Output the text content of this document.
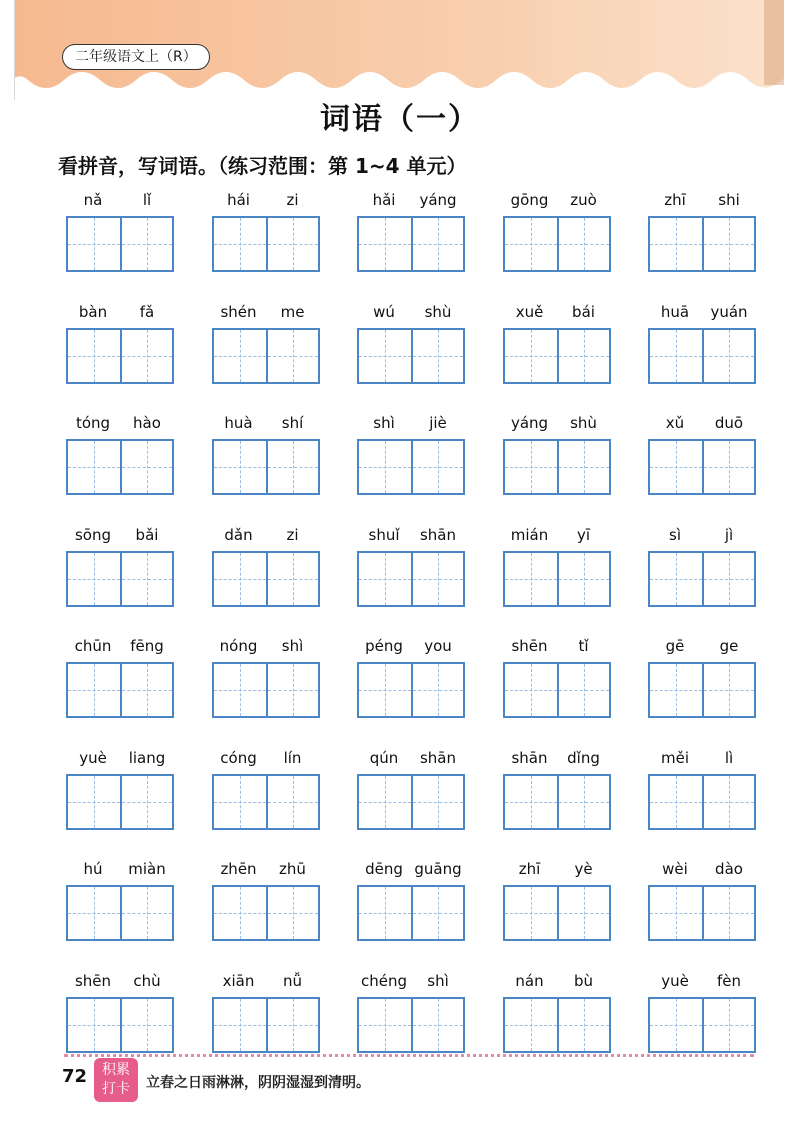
二年级语文上（R）
词语（一）
看拼音，写词语。（练习范围：第 1~4 单元）
nǎ	lǐ	hái	zi	hǎi	yáng	gōng	zuò	zhī	shi
bàn	fǎ	shén	me	wú	shù	xuě	bái	huā	yuán
tóng	hào	huà	shí	shì	jiè	yáng	shù	xǔ	duō
sōng	bǎi	dǎn	zi	shuǐ	shān	mián	yī	sì	jì
chūn	fēng	nóng	shì	péng	you	shēn	tǐ	gē	ge
yuè	liang	cóng	lín	qún	shān	shān	dǐng	měi	lì
hú	miàn	zhēn	zhū	dēng guāng	zhī	yè	wèi	dào
shēn	chù	xiān	nǚ	chéng	shì	nán	bù	yuè	fèn
72	积累
打卡	立春之日雨淋淋，阴阴湿湿到清明。
